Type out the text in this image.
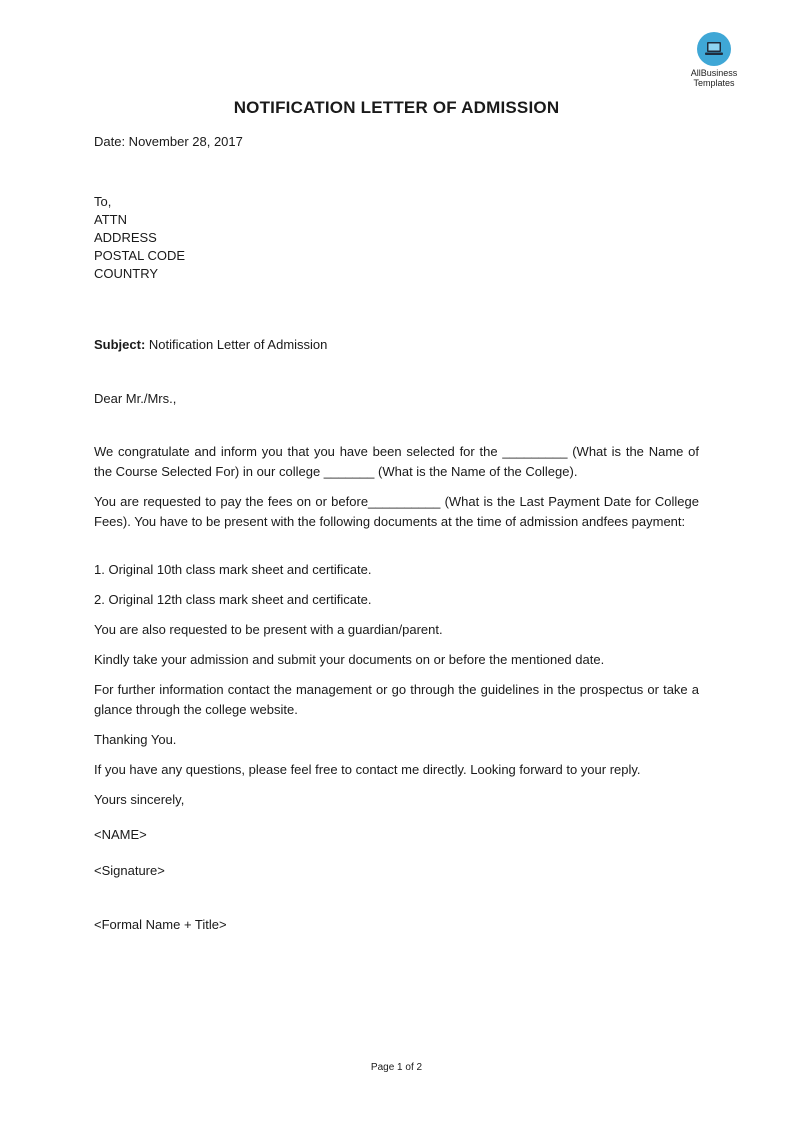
AllBusiness
Templates
NOTIFICATION LETTER OF ADMISSION
Date: November 28, 2017
To,
ATTN
ADDRESS
POSTAL CODE
COUNTRY
Subject: Notification Letter of Admission
Dear Mr./Mrs.,
We congratulate and inform you that you have been selected for the _________ (What is the Name of the Course Selected For) in our college _______ (What is the Name of the College).
You are requested to pay the fees on or before__________ (What is the Last Payment Date for College Fees). You have to be present with the following documents at the time of admission andfees payment:
1. Original 10th class mark sheet and certificate.
2. Original 12th class mark sheet and certificate.
You are also requested to be present with a guardian/parent.
Kindly take your admission and submit your documents on or before the mentioned date.
For further information contact the management or go through the guidelines in the prospectus or take a glance through the college website.
Thanking You.
If you have any questions, please feel free to contact me directly. Looking forward to your reply.
Yours sincerely,
<NAME>
<Signature>
<Formal Name + Title>
Page 1 of 2
